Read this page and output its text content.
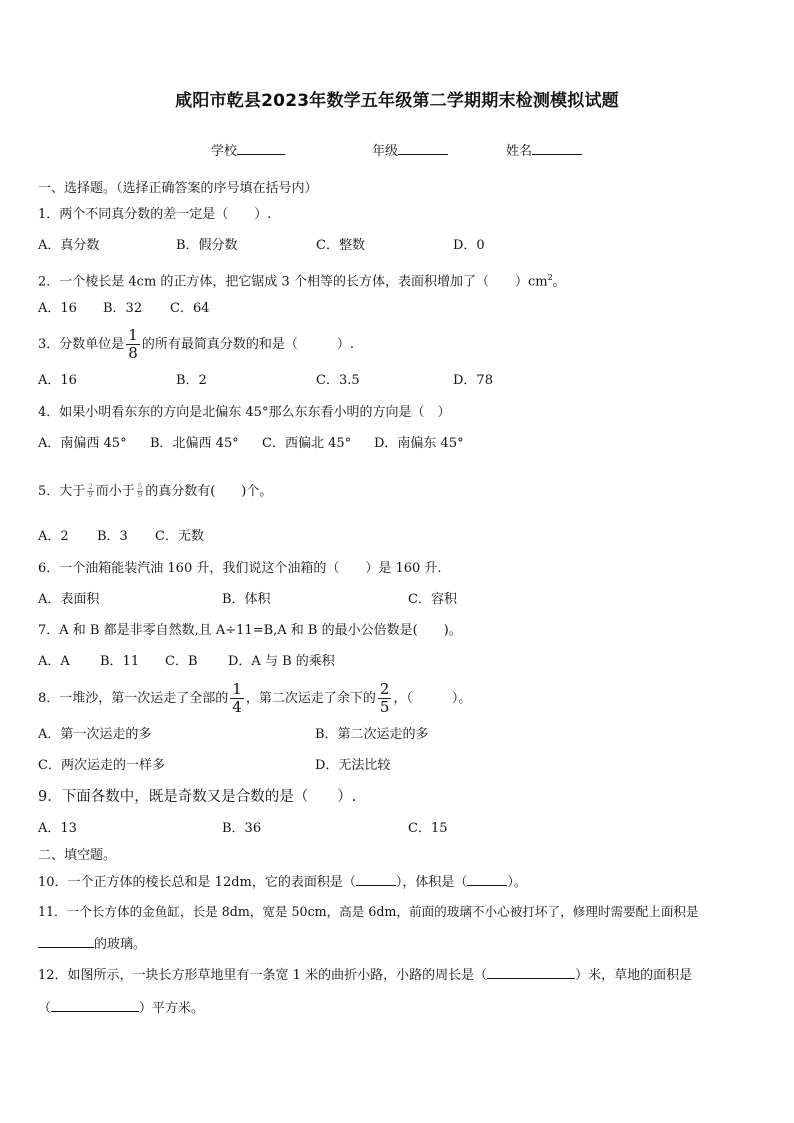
咸阳市乾县2023年数学五年级第二学期期末检测模拟试题
学校	年级	姓名
一、选择题。（选择正确答案的序号填在括号内）
1．两个不同真分数的差一定是（　　）.
A．真分数	B．假分数	C．整数	D．0
2．一个棱长是 4cm 的正方体，把它锯成 3 个相等的长方体，表面积增加了（　　）$cm^2$。
A．16 B．32 C．64
3．分数单位是 $\frac{1}{8}$ 的所有最简真分数的和是（　　　）.
A．16	B．2	C．3.5	D．78
4．如果小明看东东的方向是北偏东 45°那么东东看小明的方向是（　）
A．南偏西 45° B．北偏西 45° C．西偏北 45° D．南偏东 45°
5．大于 $\frac{2}{9}$ 而小于 $\frac{5}{9}$ 的真分数有(　　)个。
A．2 B．3 C．无数
6．一个油箱能装汽油 160 升，我们说这个油箱的（　　）是 160 升.
A．表面积	B．体积	C．容积
7．A 和 B 都是非零自然数,且 A÷11=B,A 和 B 的最小公倍数是(　　)。
A．A B．11 C．B D．A 与 B 的乘积
8．一堆沙，第一次运走了全部的 $\frac{1}{4}$ ，第二次运走了余下的 $\frac{2}{5}$ ，（　　　）。
A．第一次运走的多	B．第二次运走的多
C．两次运走的一样多	D．无法比较
9．下面各数中，既是奇数又是合数的是（　　）.
A．13	B．36	C．15
二、填空题。
10．一个正方体的棱长总和是 12dm，它的表面积是（	），体积是（	）。
11．一个长方体的金鱼缸，长是 8dm，宽是 50cm，高是 6dm，前面的玻璃不小心被打坏了，修理时需要配上面积是
的玻璃。
12．如图所示，一块长方形草地里有一条宽 1 米的曲折小路，小路的周长是（	）米，草地的面积是
（	）平方米。
